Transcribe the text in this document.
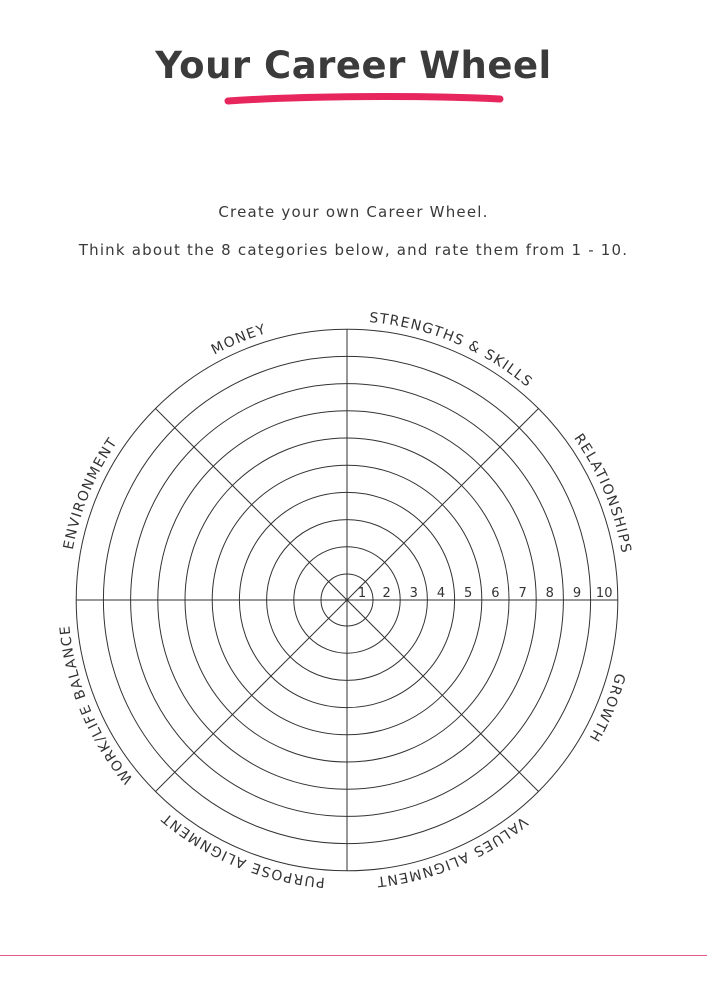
Your Career Wheel
Create your own Career Wheel.
Think about the 8 categories below, and rate them from 1 - 10.
1 2 3 4 5 6 7 8 9 10
MONEY
STRENGTHS & SKILLS
RELATIONSHIPS
GROWTH
VALUES ALIGNMENT
PURPOSE ALIGNMENT
WORK/LIFE BALANCE
ENVIRONMENT
